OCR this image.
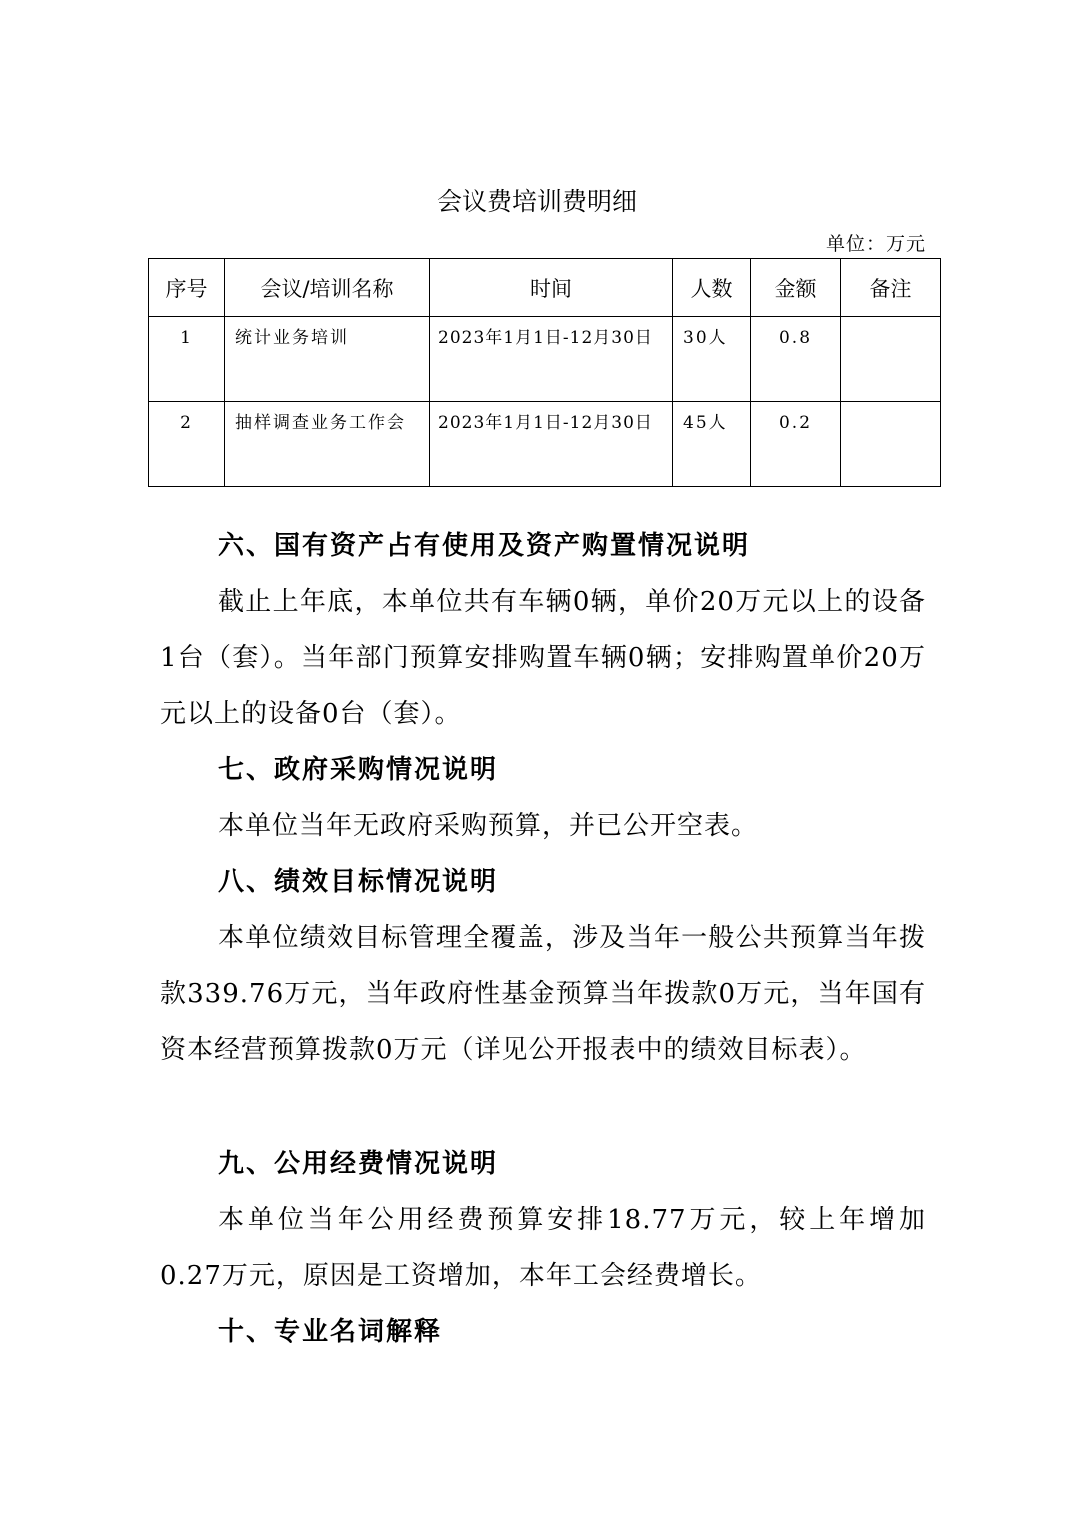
会议费培训费明细
单位：万元
序号	会议/培训名称	时间	人数	金额	备注
1	统计业务培训	2023年1月1日-12月30日	30人	0.8	
2	抽样调查业务工作会	2023年1月1日-12月30日	45人	0.2	

六、国有资产占有使用及资产购置情况说明

截止上年底，本单位共有车辆0辆，单价20万元以上的设备1台（套）。当年部门预算安排购置车辆0辆；安排购置单价20万元以上的设备0台（套）。

七、政府采购情况说明

本单位当年无政府采购预算，并已公开空表。

八、绩效目标情况说明

本单位绩效目标管理全覆盖，涉及当年一般公共预算当年拨款339.76万元，当年政府性基金预算当年拨款0万元，当年国有资本经营预算拨款0万元（详见公开报表中的绩效目标表）。

九、公用经费情况说明

本单位当年公用经费预算安排18.77万元，较上年增加0.27万元，原因是工资增加，本年工会经费增长。

十、专业名词解释
